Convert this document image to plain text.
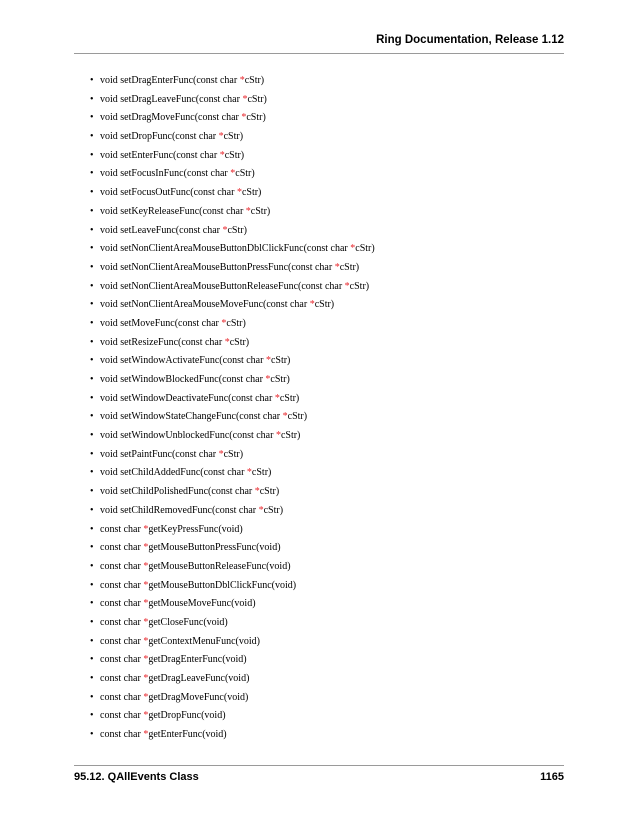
Ring Documentation, Release 1.12
• void setDragEnterFunc(const char *cStr)
• void setDragLeaveFunc(const char *cStr)
• void setDragMoveFunc(const char *cStr)
• void setDropFunc(const char *cStr)
• void setEnterFunc(const char *cStr)
• void setFocusInFunc(const char *cStr)
• void setFocusOutFunc(const char *cStr)
• void setKeyReleaseFunc(const char *cStr)
• void setLeaveFunc(const char *cStr)
• void setNonClientAreaMouseButtonDblClickFunc(const char *cStr)
• void setNonClientAreaMouseButtonPressFunc(const char *cStr)
• void setNonClientAreaMouseButtonReleaseFunc(const char *cStr)
• void setNonClientAreaMouseMoveFunc(const char *cStr)
• void setMoveFunc(const char *cStr)
• void setResizeFunc(const char *cStr)
• void setWindowActivateFunc(const char *cStr)
• void setWindowBlockedFunc(const char *cStr)
• void setWindowDeactivateFunc(const char *cStr)
• void setWindowStateChangeFunc(const char *cStr)
• void setWindowUnblockedFunc(const char *cStr)
• void setPaintFunc(const char *cStr)
• void setChildAddedFunc(const char *cStr)
• void setChildPolishedFunc(const char *cStr)
• void setChildRemovedFunc(const char *cStr)
• const char *getKeyPressFunc(void)
• const char *getMouseButtonPressFunc(void)
• const char *getMouseButtonReleaseFunc(void)
• const char *getMouseButtonDblClickFunc(void)
• const char *getMouseMoveFunc(void)
• const char *getCloseFunc(void)
• const char *getContextMenuFunc(void)
• const char *getDragEnterFunc(void)
• const char *getDragLeaveFunc(void)
• const char *getDragMoveFunc(void)
• const char *getDropFunc(void)
• const char *getEnterFunc(void)
95.12. QAllEvents Class	1165
